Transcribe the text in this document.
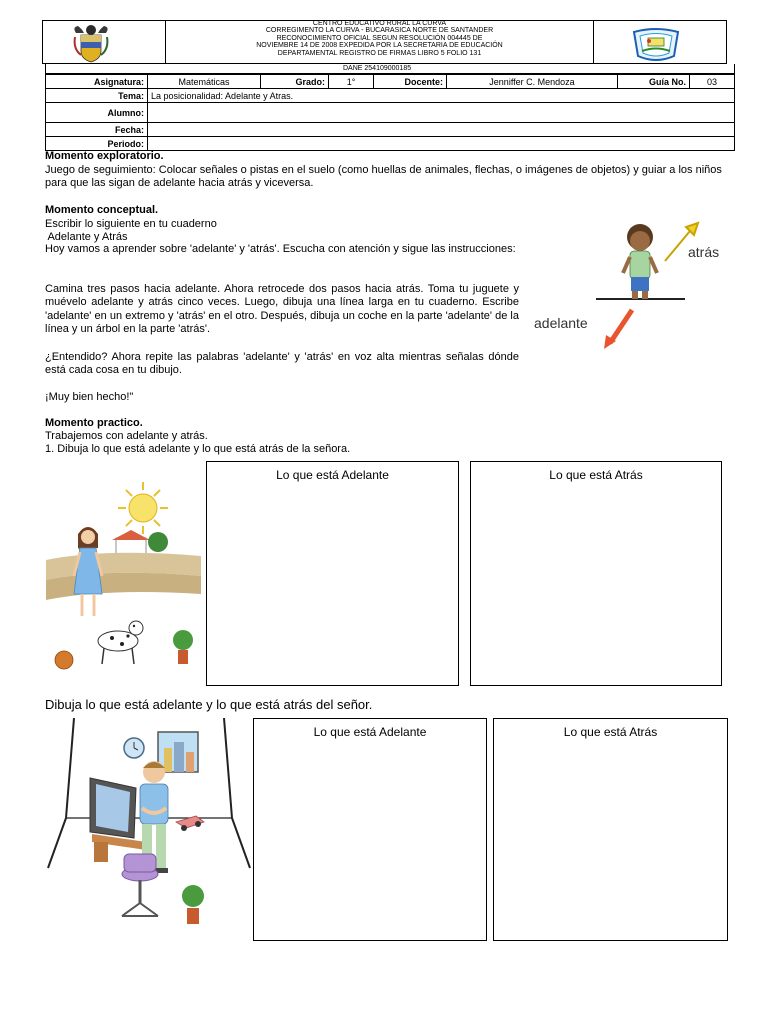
CENTRO EDUCATIVO RURAL LA CURVA
CORREGIMENTO LA CURVA - BUCARASICA NORTE DE SANTANDER
RECONOCIMIENTO OFICIAL SEGUN RESOLUCIÓN 004445 DE
NOVIEMBRE 14 DE 2008 EXPEDIDA POR LA SECRETARIA DE EDUCACIÓN
DEPARTAMENTAL REGISTRO DE FIRMAS LIBRO 5 FOLIO 131
DANE 254109000185
Asignatura:	Matemáticas	Grado:	1°	Docente:	Jenniffer C. Mendoza	Guía No.	03
Tema:	La posicionalidad: Adelante y Atras.						
Alumno:							
Fecha:							
Periodo:							
Momento exploratorio.
Juego de seguimiento: Colocar señales o pistas en el suelo (como huellas de animales, flechas, o imágenes de objetos) y guiar a los niños para que las sigan de adelante hacia atrás y viceversa.
Momento conceptual.
Escribir lo siguiente en tu cuaderno
Adelante y Atrás
Hoy vamos a aprender sobre 'adelante' y 'atrás'. Escucha con atención y sigue las instrucciones:
Camina tres pasos hacia adelante. Ahora retrocede dos pasos hacia atrás. Toma tu juguete y muévelo adelante y atrás cinco veces. Luego, dibuja una línea larga en tu cuaderno. Escribe 'adelante' en un extremo y 'atrás' en el otro. Después, dibuja un coche en la parte 'adelante' de la línea y un árbol en la parte 'atrás'.
¿Entendido? Ahora repite las palabras 'adelante' y 'atrás' en voz alta mientras señalas dónde está cada cosa en tu dibujo.
¡Muy bien hecho!"
atrás
adelante
Momento practico.
Trabajemos con adelante y atrás.
1. Dibuja lo que está adelante y lo que está atrás de la señora.
Lo que está Adelante	Lo que está Atrás
Dibuja lo que está adelante y lo que está atrás del señor.
Lo que está Adelante	Lo que está Atrás
